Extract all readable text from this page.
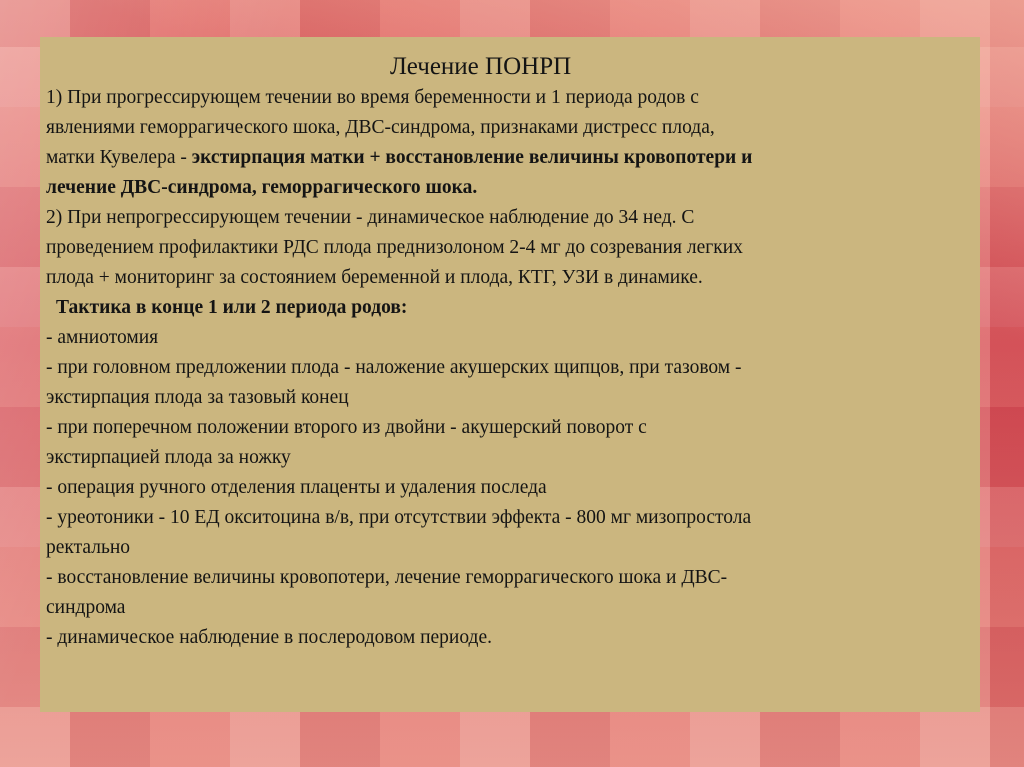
Лечение ПОНРП
1) При прогрессирующем течении во время беременности и 1 периода родов с
явлениями геморрагического шока, ДВС-синдрома, признаками дистресс плода,
матки Кувелера - экстирпация матки + восстановление величины кровопотери и
лечение ДВС-синдрома, геморрагического шока.
2) При непрогрессирующем течении - динамическое наблюдение до 34 нед. С
проведением профилактики РДС плода преднизолоном 2-4 мг до созревания легких
плода + мониторинг за состоянием беременной и плода, КТГ, УЗИ в динамике.
Тактика в конце 1 или 2 периода родов:
- амниотомия
- при головном предложении плода - наложение акушерских щипцов, при тазовом -
экстирпация плода за тазовый конец
- при поперечном положении второго из двойни - акушерский поворот с
экстирпацией плода за ножку
- операция ручного отделения плаценты и удаления последа
- уреотоники - 10 ЕД окситоцина в/в, при отсутствии эффекта - 800 мг мизопростола
ректально
- восстановление величины кровопотери, лечение геморрагического шока и ДВС-
синдрома
- динамическое наблюдение в послеродовом периоде.
